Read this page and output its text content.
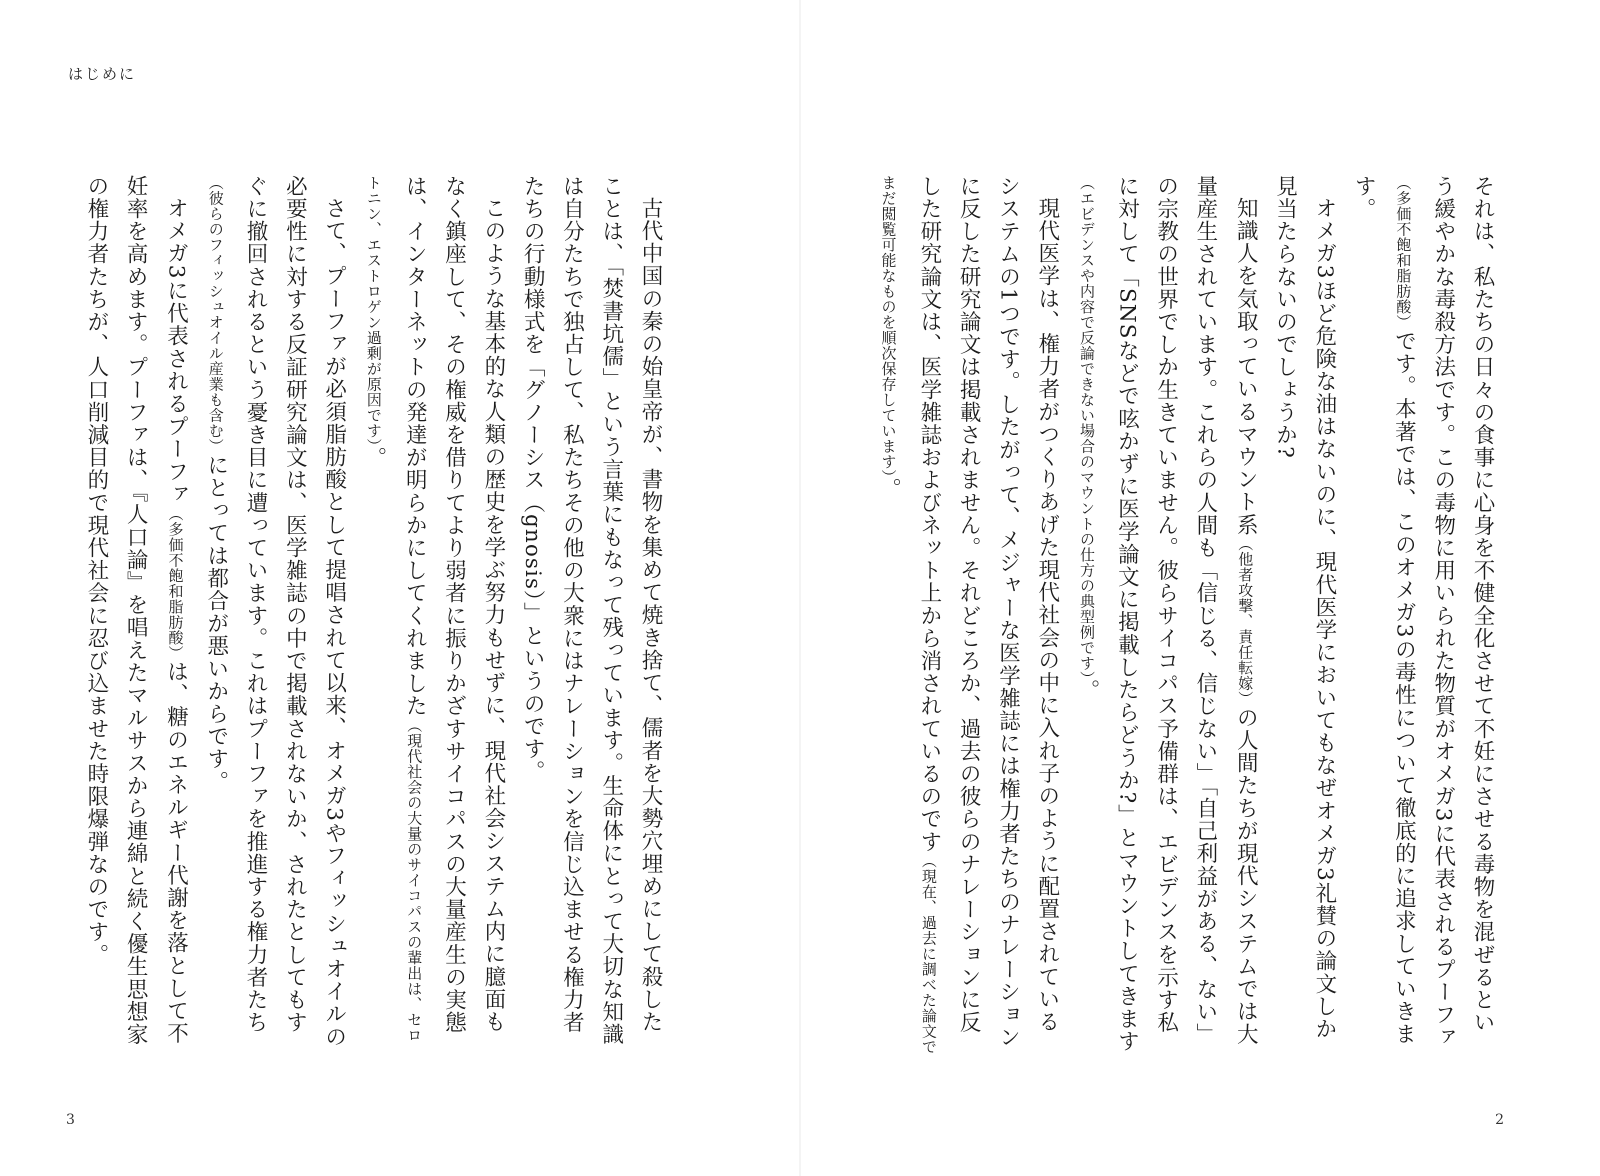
はじめに

古代中国の秦の始皇帝が、書物を集めて焼き捨て、儒者を大勢穴埋めにして殺したことは、「焚書坑儒」という言葉にもなって残っています。生命体にとって大切な知識は自分たちで独占して、私たちその他の大衆にはナレーションを信じ込ませる権力者たちの行動様式を「グノーシス（gnosis）」というのです。

このような基本的な人類の歴史を学ぶ努力もせずに、現代社会システム内に臆面もなく鎮座して、その権威を借りてより弱者に振りかざすサイコパスの大量産生の実態は、インターネットの発達が明らかにしてくれました（現代社会の大量のサイコパスの輩出は、セロトニン、エストロゲン過剰が原因です）。

さて、プーファが必須脂肪酸として提唱されて以来、オメガ3やフィッシュオイルの必要性に対する反証研究論文は、医学雑誌の中で掲載されないか、されたとしてもすぐに撤回されるという憂き目に遭っています。これはプーファを推進する権力者たち（彼らのフィッシュオイル産業も含む）にとっては都合が悪いからです。

オメガ3に代表されるプーファ（多価不飽和脂肪酸）は、糖のエネルギー代謝を落として不妊率を高めます。プーファは、『人口論』を唱えたマルサスから連綿と続く優生思想家の権力者たちが、人口削減目的で現代社会に忍び込ませた時限爆弾なのです。

3

それは、私たちの日々の食事に心身を不健全化させて不妊にさせる毒物を混ぜるという緩やかな毒殺方法です。この毒物に用いられた物質がオメガ3に代表されるプーファ（多価不飽和脂肪酸）です。本著では、このオメガ3の毒性について徹底的に追求していきます。

オメガ3ほど危険な油はないのに、現代医学においてもなぜオメガ3礼賛の論文しか見当たらないのでしょうか?

知識人を気取っているマウント系（他者攻撃、責任転嫁）の人間たちが現代システムでは大量産生されています。これらの人間も「信じる、信じない」「自己利益がある、ない」の宗教の世界でしか生きていません。彼らサイコパス予備群は、エビデンスを示す私に対して「SNSなどで呟かずに医学論文に掲載したらどうか?」とマウントしてきます（エビデンスや内容で反論できない場合のマウントの仕方の典型例です）。

現代医学は、権力者がつくりあげた現代社会の中に入れ子のように配置されているシステムの1つです。したがって、メジャーな医学雑誌には権力者たちのナレーションに反した研究論文は掲載されません。それどころか、過去の彼らのナレーションに反した研究論文は、医学雑誌およびネット上から消されているのです（現在、過去に調べた論文でまだ閲覧可能なものを順次保存しています）。

2
